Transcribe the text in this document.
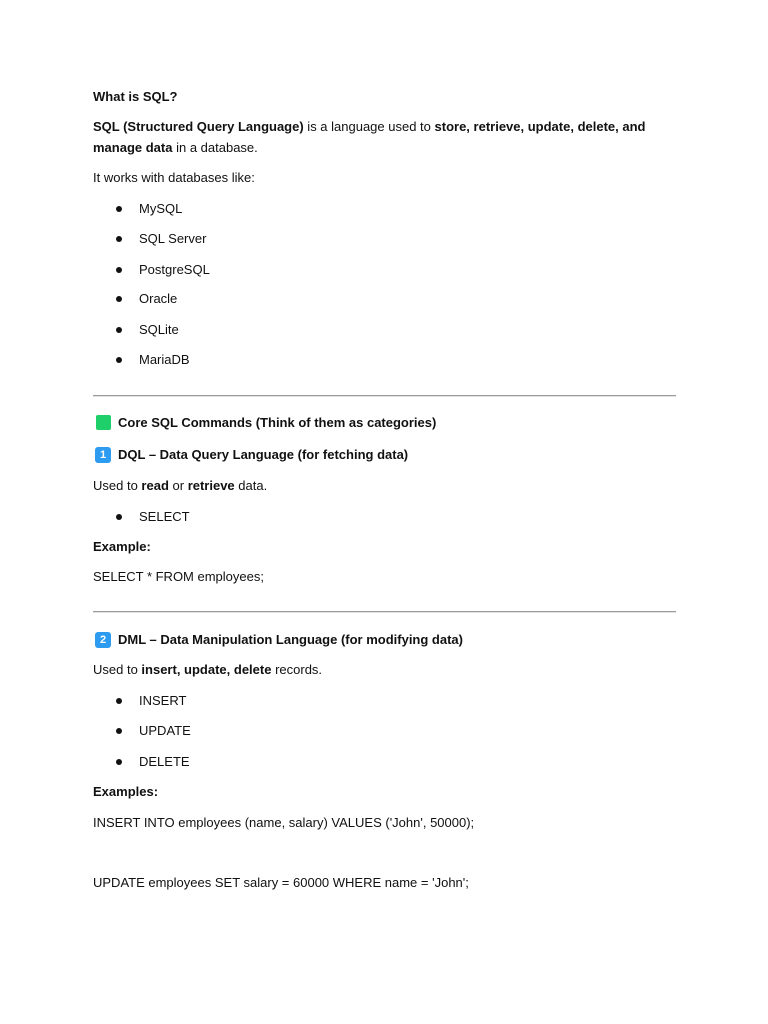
What is SQL?
SQL (Structured Query Language) is a language used to store, retrieve, update, delete, and
manage data in a database.
It works with databases like:
MySQL
SQL Server
PostgreSQL
Oracle
SQLite
MariaDB
Core SQL Commands (Think of them as categories)
1 DQL – Data Query Language (for fetching data)
Used to read or retrieve data.
SELECT
Example:
SELECT * FROM employees;
2 DML – Data Manipulation Language (for modifying data)
Used to insert, update, delete records.
INSERT
UPDATE
DELETE
Examples:
INSERT INTO employees (name, salary) VALUES ('John', 50000);
UPDATE employees SET salary = 60000 WHERE name = 'John';
